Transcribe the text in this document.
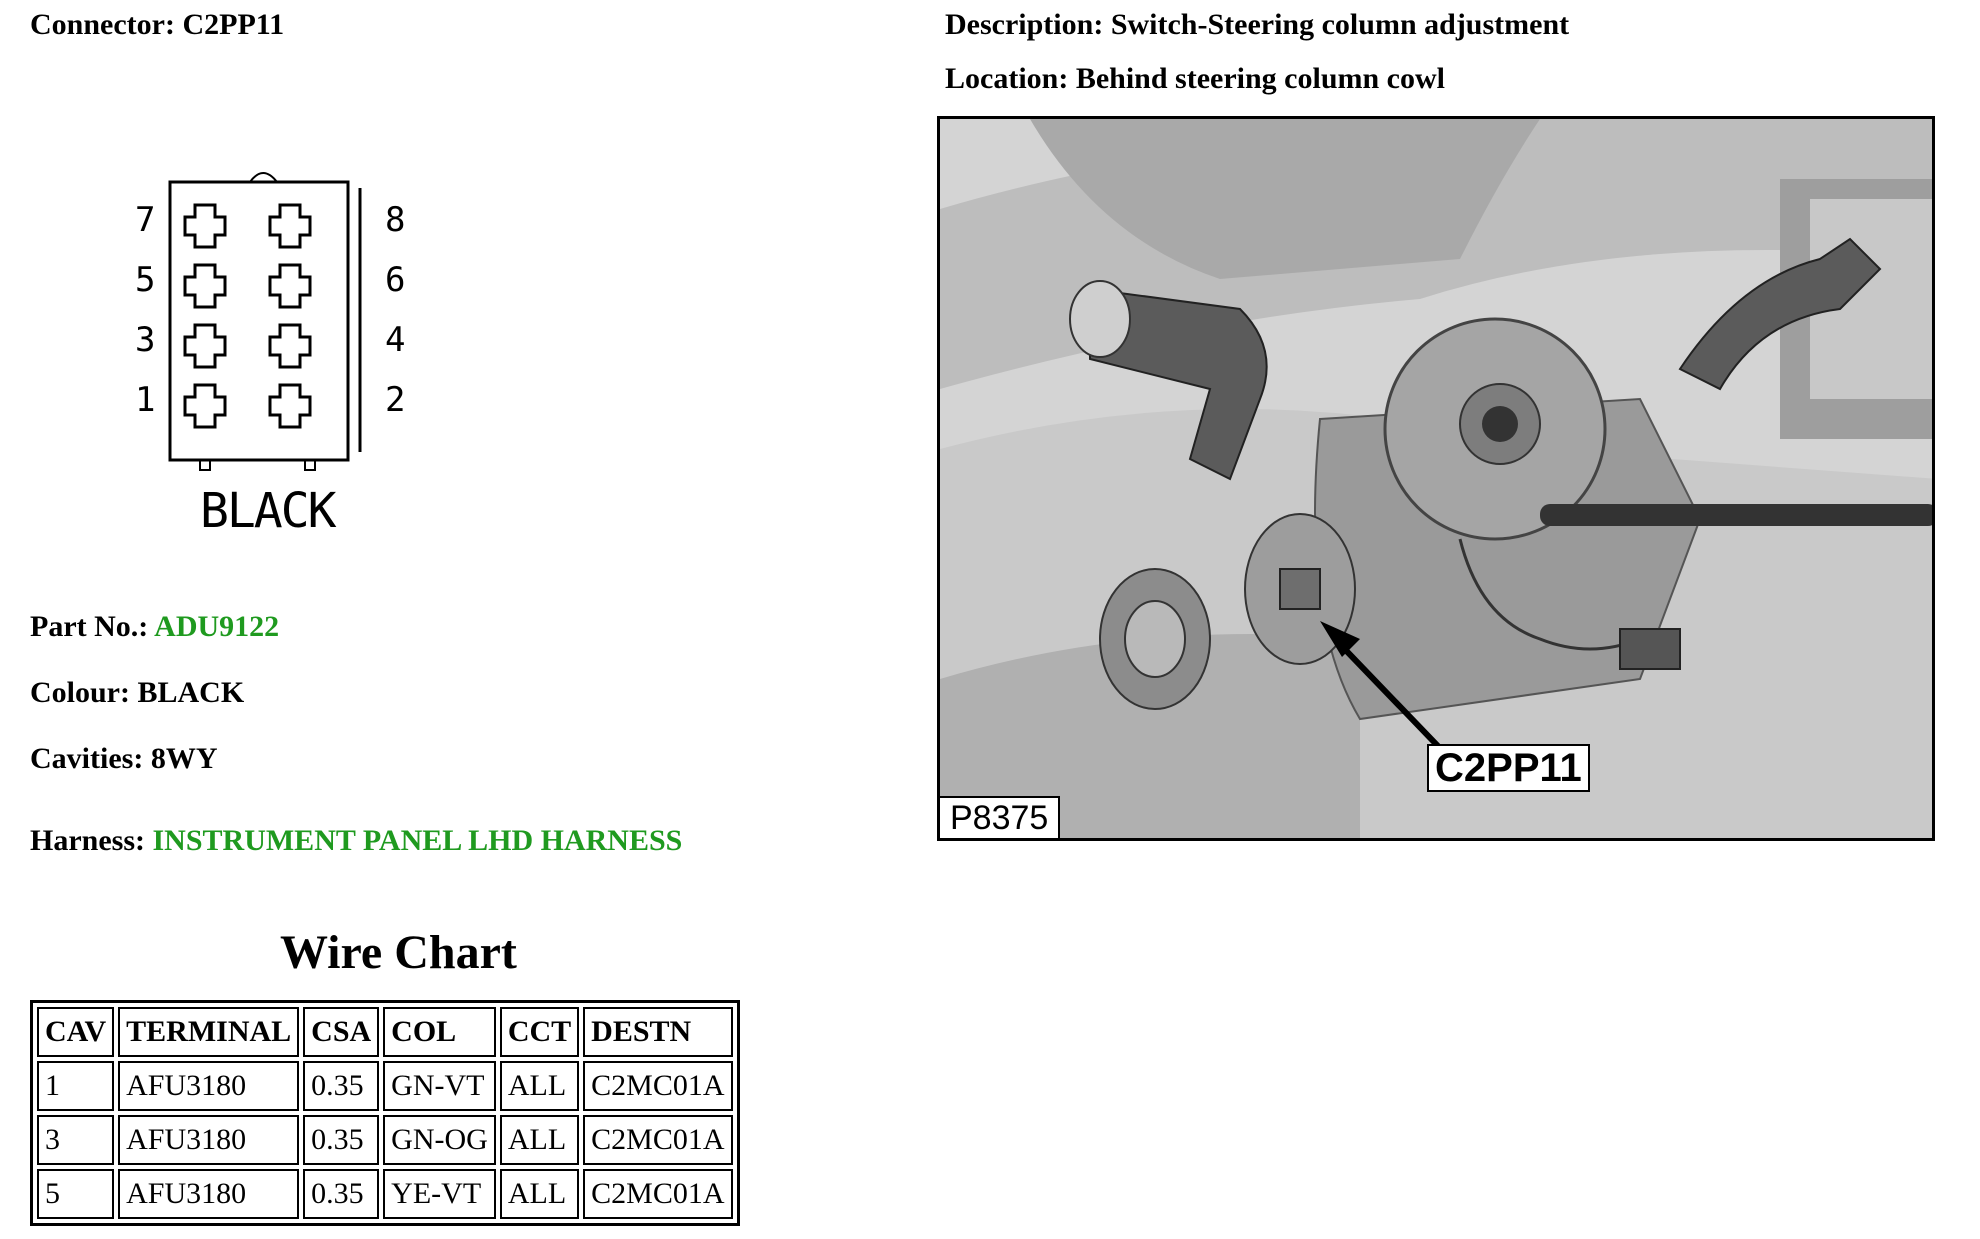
Connector: C2PP11
7
5
3
1
8
6
4
2
BLACK
Part No.: ADU9122
Colour: BLACK
Cavities: 8WY
Harness: INSTRUMENT PANEL LHD HARNESS
Wire Chart
CAV	TERMINAL	CSA	COL	CCT	DESTN
1	AFU3180	0.35	GN-VT	ALL	C2MC01A
3	AFU3180	0.35	GN-OG	ALL	C2MC01A
5	AFU3180	0.35	YE-VT	ALL	C2MC01A
Description: Switch-Steering column adjustment
Location: Behind steering column cowl
C2PP11
P8375
